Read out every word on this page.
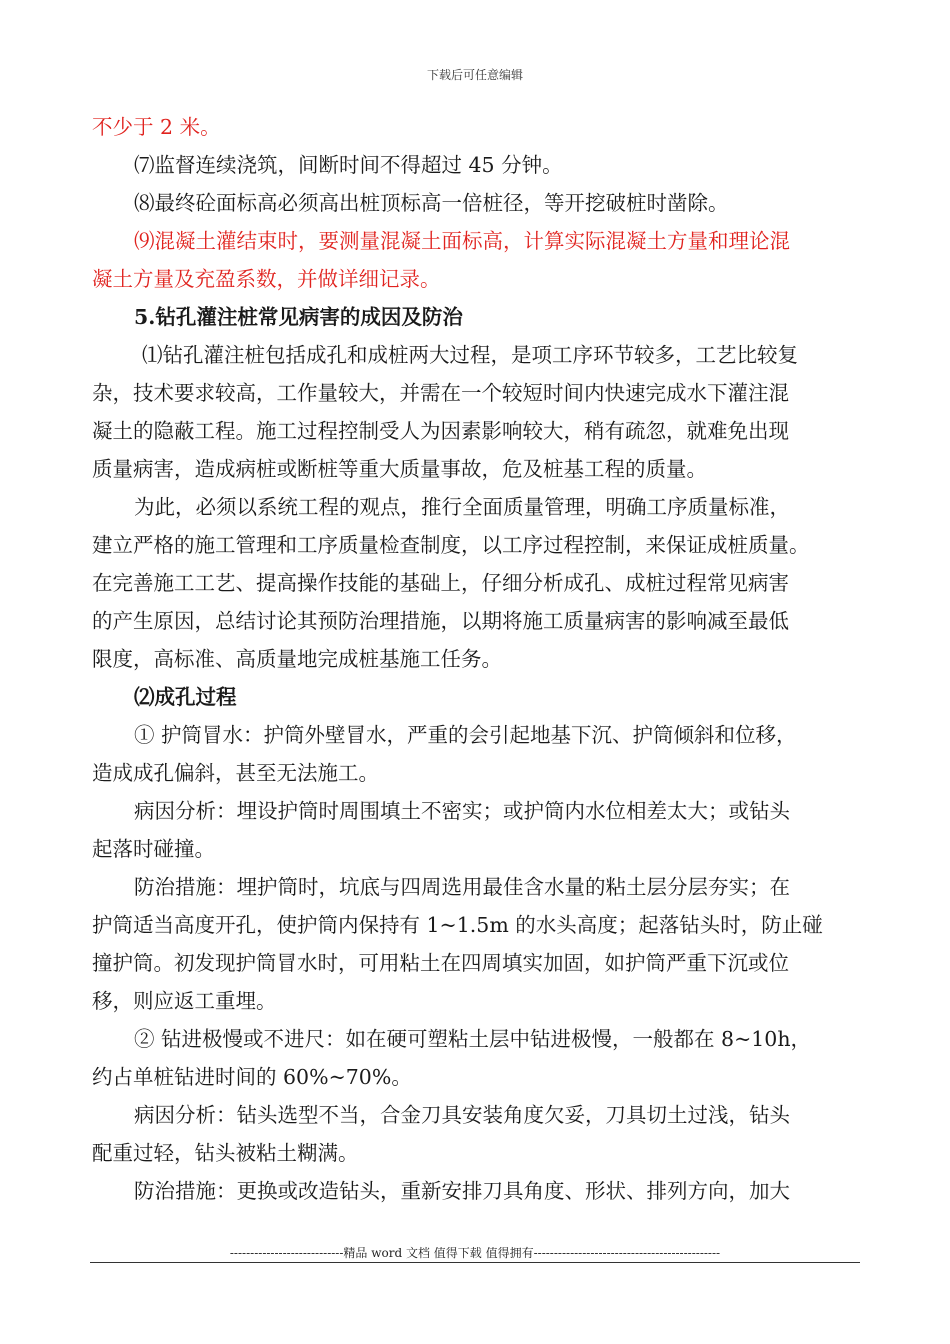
下载后可任意编辑
不少于 2 米。
⑺监督连续浇筑，间断时间不得超过 45 分钟。
⑻最终砼面标高必须高出桩顶标高一倍桩径，等开挖破桩时凿除。
⑼混凝土灌结束时，要测量混凝土面标高，计算实际混凝土方量和理论混
凝土方量及充盈系数，并做详细记录。
5.钻孔灌注桩常见病害的成因及防治
⑴钻孔灌注桩包括成孔和成桩两大过程，是项工序环节较多，工艺比较复
杂，技术要求较高，工作量较大，并需在一个较短时间内快速完成水下灌注混
凝土的隐蔽工程。施工过程控制受人为因素影响较大，稍有疏忽，就难免出现
质量病害，造成病桩或断桩等重大质量事故，危及桩基工程的质量。
为此，必须以系统工程的观点，推行全面质量管理，明确工序质量标准，
建立严格的施工管理和工序质量检查制度，以工序过程控制，来保证成桩质量。
在完善施工工艺、提高操作技能的基础上，仔细分析成孔、成桩过程常见病害
的产生原因，总结讨论其预防治理措施，以期将施工质量病害的影响减至最低
限度，高标准、高质量地完成桩基施工任务。
⑵成孔过程
① 护筒冒水：护筒外壁冒水，严重的会引起地基下沉、护筒倾斜和位移，
造成成孔偏斜，甚至无法施工。
病因分析：埋设护筒时周围填土不密实；或护筒内水位相差太大；或钻头
起落时碰撞。
防治措施：埋护筒时，坑底与四周选用最佳含水量的粘土层分层夯实；在
护筒适当高度开孔，使护筒内保持有 1~1.5m 的水头高度；起落钻头时，防止碰
撞护筒。初发现护筒冒水时，可用粘土在四周填实加固，如护筒严重下沉或位
移，则应返工重埋。
② 钻进极慢或不进尺：如在硬可塑粘土层中钻进极慢，一般都在 8~10h，
约占单桩钻进时间的 60%~70%。
病因分析：钻头选型不当，合金刀具安装角度欠妥，刀具切土过浅，钻头
配重过轻，钻头被粘土糊满。
防治措施：更换或改造钻头，重新安排刀具角度、形状、排列方向，加大
----------------------------精品 word 文档 值得下载 值得拥有----------------------------------------------
